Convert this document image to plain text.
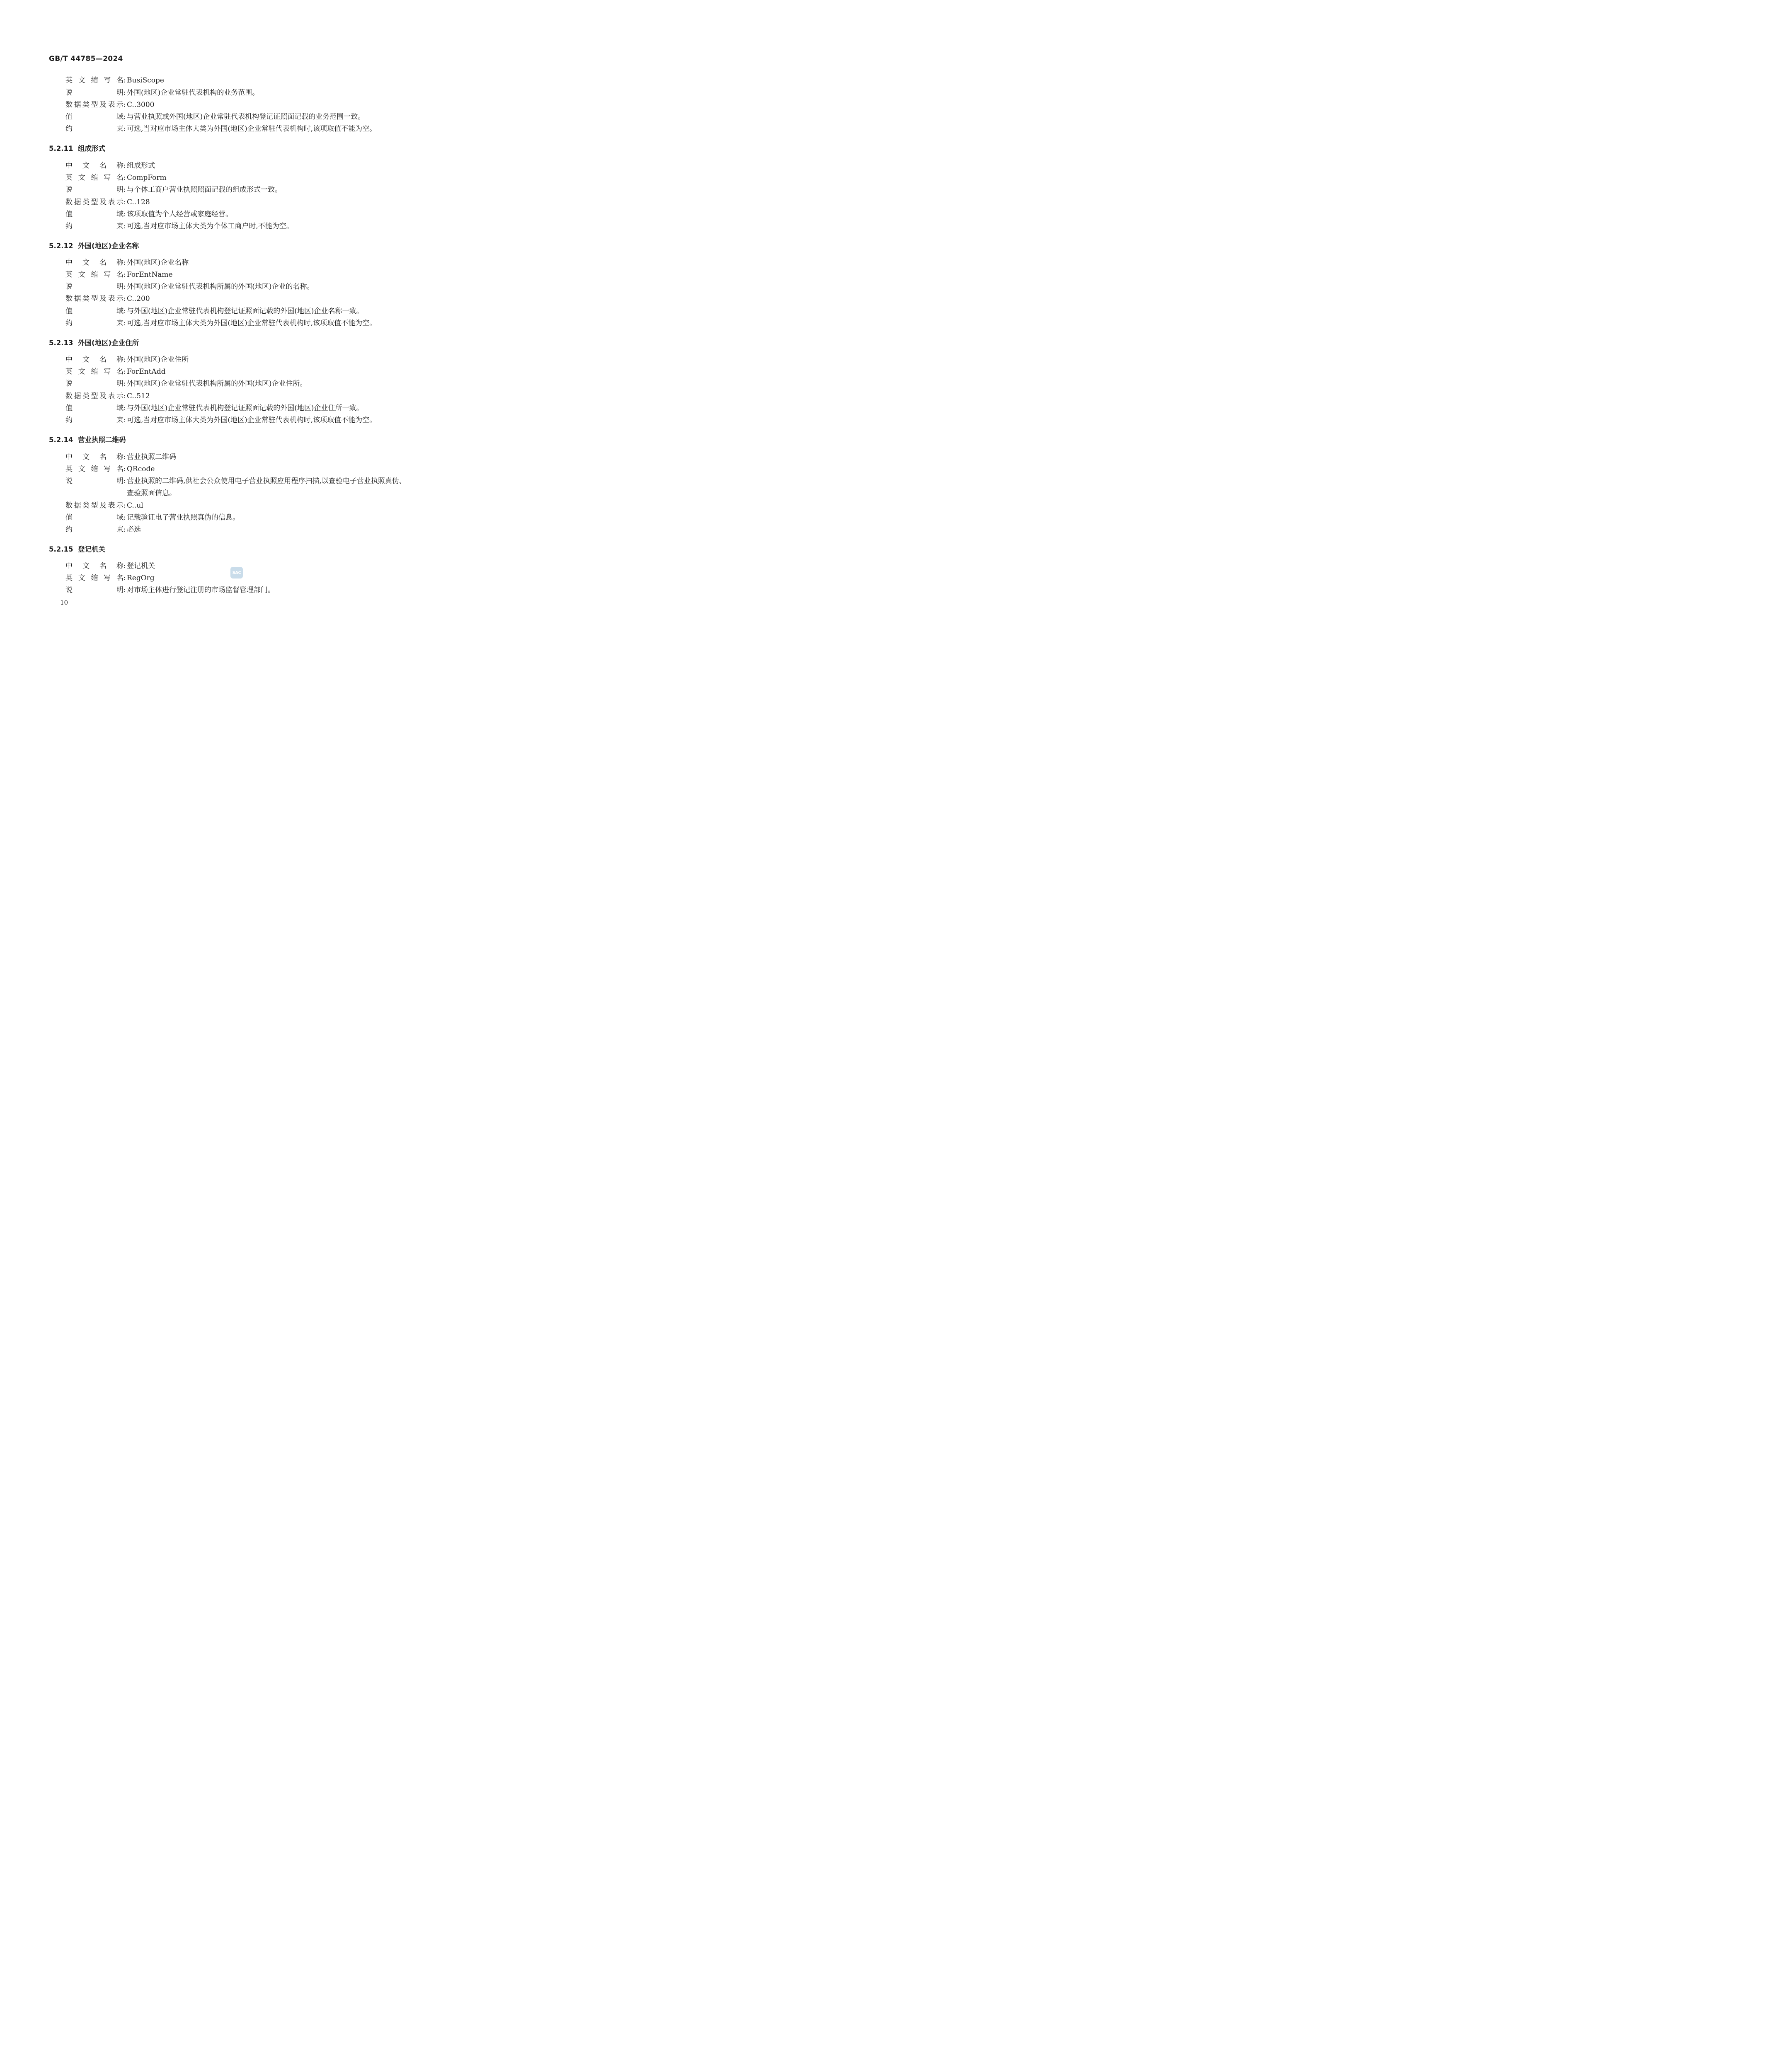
GB/T 44785—2024
英 文 缩 写 名 : BusiScope
说	明 : 外国(地区)企业常驻代表机构的业务范围。
数 据 类 型 及 表 示 : C..3000
值	域 : 与营业执照或外国(地区)企业常驻代表机构登记证照面记载的业务范围一致。
约	束 : 可选,当对应市场主体大类为外国(地区)企业常驻代表机构时,该项取值不能为空。
5.2.11 组成形式
中 文 名 称 : 组成形式
英 文 缩 写 名 : CompForm
说	明 : 与个体工商户营业执照照面记载的组成形式一致。
数 据 类 型 及 表 示 : C..128
值	域 : 该项取值为个人经营或家庭经营。
约	束 : 可选,当对应市场主体大类为个体工商户时,不能为空。
5.2.12 外国(地区)企业名称
中 文 名 称 : 外国(地区)企业名称
英 文 缩 写 名 : ForEntName
说	明 : 外国(地区)企业常驻代表机构所属的外国(地区)企业的名称。
数 据 类 型 及 表 示 : C..200
值	域 : 与外国(地区)企业常驻代表机构登记证照面记载的外国(地区)企业名称一致。
约	束 : 可选,当对应市场主体大类为外国(地区)企业常驻代表机构时,该项取值不能为空。
5.2.13 外国(地区)企业住所
中 文 名 称 : 外国(地区)企业住所
英 文 缩 写 名 : ForEntAdd
说	明 : 外国(地区)企业常驻代表机构所属的外国(地区)企业住所。
数 据 类 型 及 表 示 : C..512
值	域 : 与外国(地区)企业常驻代表机构登记证照面记载的外国(地区)企业住所一致。
约	束 : 可选,当对应市场主体大类为外国(地区)企业常驻代表机构时,该项取值不能为空。
5.2.14 营业执照二维码
中 文 名 称 : 营业执照二维码
英 文 缩 写 名 : QRcode
说	明 : 营业执照的二维码,供社会公众使用电子营业执照应用程序扫描,以查验电子营业执照真伪、查验照面信息。
数 据 类 型 及 表 示 : C..ul
值	域 : 记载验证电子营业执照真伪的信息。
约	束 : 必选
5.2.15 登记机关
中 文 名 称 : 登记机关
英 文 缩 写 名 : RegOrg
说	明 : 对市场主体进行登记注册的市场监督管理部门。
SAC
10
